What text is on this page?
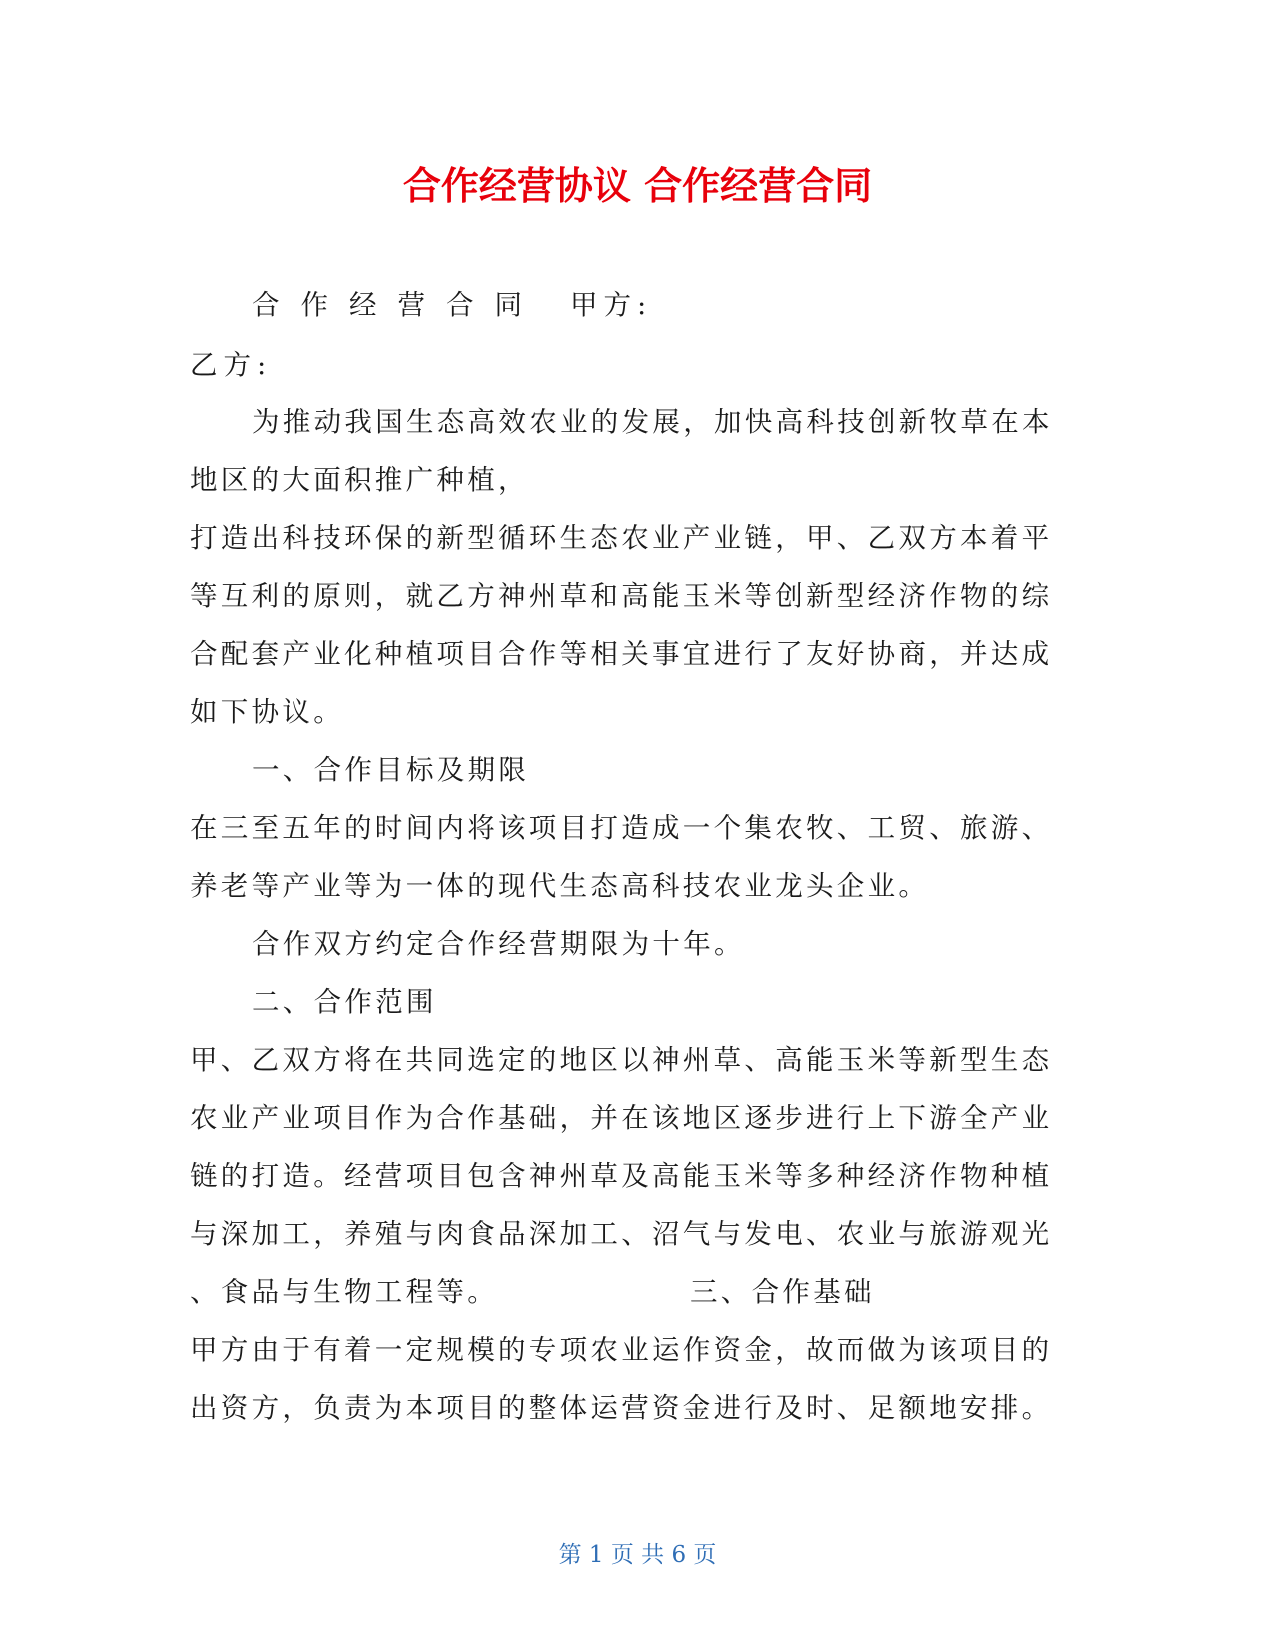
合作经营协议 合作经营合同
合作经营合同 甲方:
乙方:
为推动我国生态高效农业的发展，加快高科技创新牧草在本
地区的大面积推广种植，
打造出科技环保的新型循环生态农业产业链，甲、乙双方本着平
等互利的原则，就乙方神州草和高能玉米等创新型经济作物的综
合配套产业化种植项目合作等相关事宜进行了友好协商，并达成
如下协议。
一、合作目标及期限
在三至五年的时间内将该项目打造成一个集农牧、工贸、旅游、
养老等产业等为一体的现代生态高科技农业龙头企业。
合作双方约定合作经营期限为十年。
二、合作范围
甲、乙双方将在共同选定的地区以神州草、高能玉米等新型生态
农业产业项目作为合作基础，并在该地区逐步进行上下游全产业
链的打造。经营项目包含神州草及高能玉米等多种经济作物种植
与深加工，养殖与肉食品深加工、沼气与发电、农业与旅游观光
、食品与生物工程等。	三、合作基础
甲方由于有着一定规模的专项农业运作资金，故而做为该项目的
出资方，负责为本项目的整体运营资金进行及时、足额地安排。
第 1 页 共 6 页
